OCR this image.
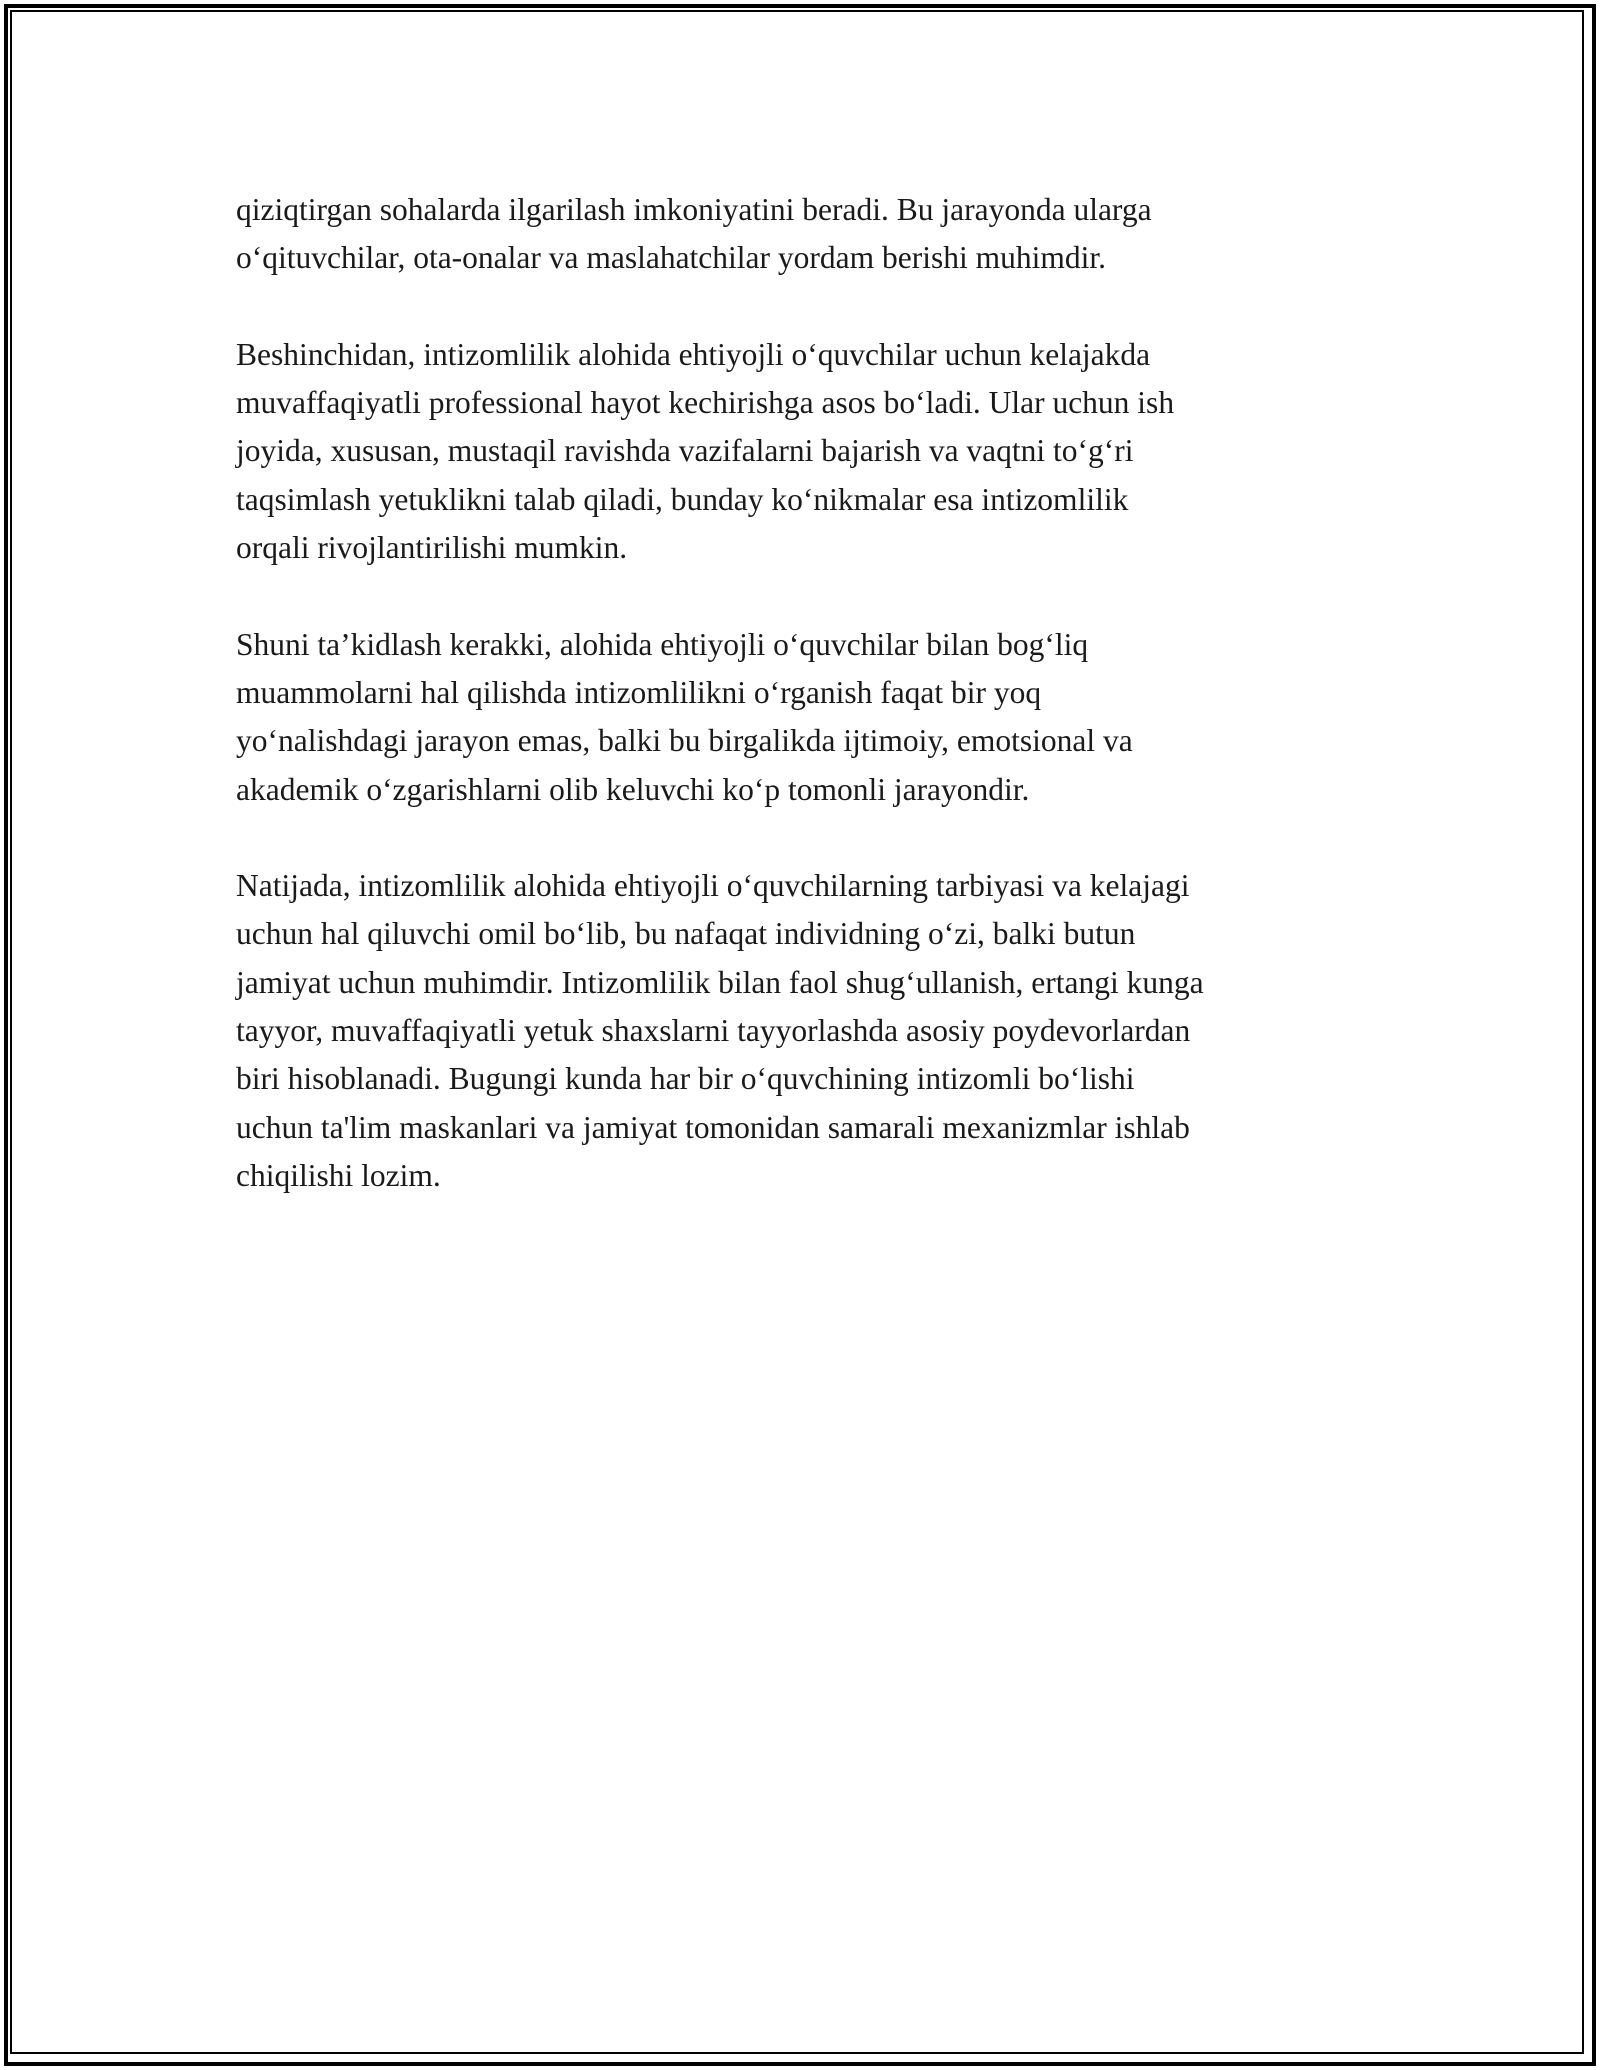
qiziqtirgan sohalarda ilgarilash imkoniyatini beradi. Bu jarayonda ularga
o‘qituvchilar, ota-onalar va maslahatchilar yordam berishi muhimdir.

Beshinchidan, intizomlilik alohida ehtiyojli o‘quvchilar uchun kelajakda
muvaffaqiyatli professional hayot kechirishga asos bo‘ladi. Ular uchun ish
joyida, xususan, mustaqil ravishda vazifalarni bajarish va vaqtni to‘g‘ri
taqsimlash yetuklikni talab qiladi, bunday ko‘nikmalar esa intizomlilik
orqali rivojlantirilishi mumkin.

Shuni ta’kidlash kerakki, alohida ehtiyojli o‘quvchilar bilan bog‘liq
muammolarni hal qilishda intizomlilikni o‘rganish faqat bir yoq
yo‘nalishdagi jarayon emas, balki bu birgalikda ijtimoiy, emotsional va
akademik o‘zgarishlarni olib keluvchi ko‘p tomonli jarayondir.

Natijada, intizomlilik alohida ehtiyojli o‘quvchilarning tarbiyasi va kelajagi
uchun hal qiluvchi omil bo‘lib, bu nafaqat individning o‘zi, balki butun
jamiyat uchun muhimdir. Intizomlilik bilan faol shug‘ullanish, ertangi kunga
tayyor, muvaffaqiyatli yetuk shaxslarni tayyorlashda asosiy poydevorlardan
biri hisoblanadi. Bugungi kunda har bir o‘quvchining intizomli bo‘lishi
uchun ta'lim maskanlari va jamiyat tomonidan samarali mexanizmlar ishlab
chiqilishi lozim.
